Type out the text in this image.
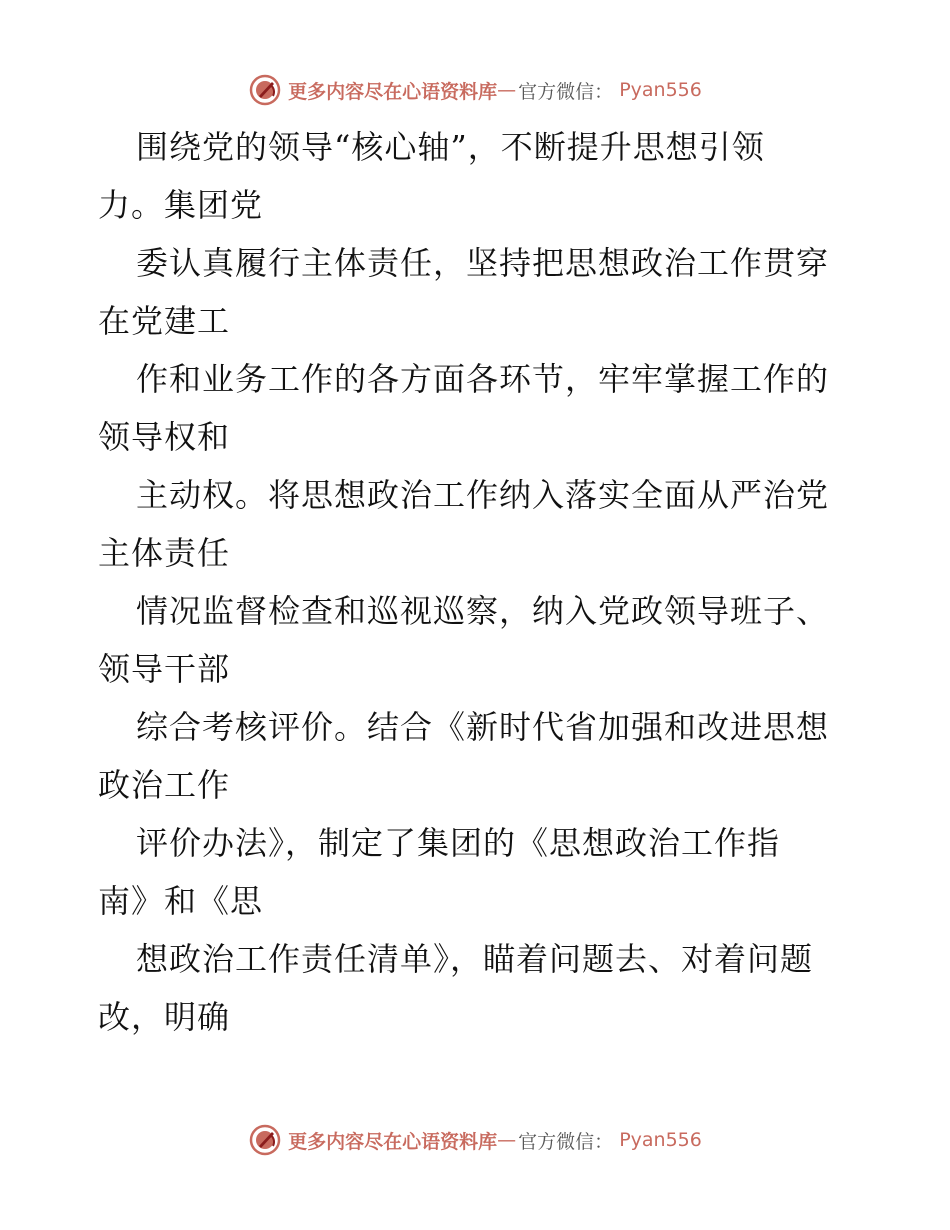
更多内容尽在心语资料库 — 官方微信： Pyan556
围绕党的领导“核心轴”，不断提升思想引领
力。集团党
委认真履行主体责任，坚持把思想政治工作贯穿
在党建工
作和业务工作的各方面各环节，牢牢掌握工作的
领导权和
主动权。将思想政治工作纳入落实全面从严治党
主体责任
情况监督检查和巡视巡察，纳入党政领导班子、
领导干部
综合考核评价。结合《新时代省加强和改进思想
政治工作
评价办法》，制定了集团的《思想政治工作指
南》和《思
想政治工作责任清单》，瞄着问题去、对着问题
改，明确
更多内容尽在心语资料库 — 官方微信： Pyan556
